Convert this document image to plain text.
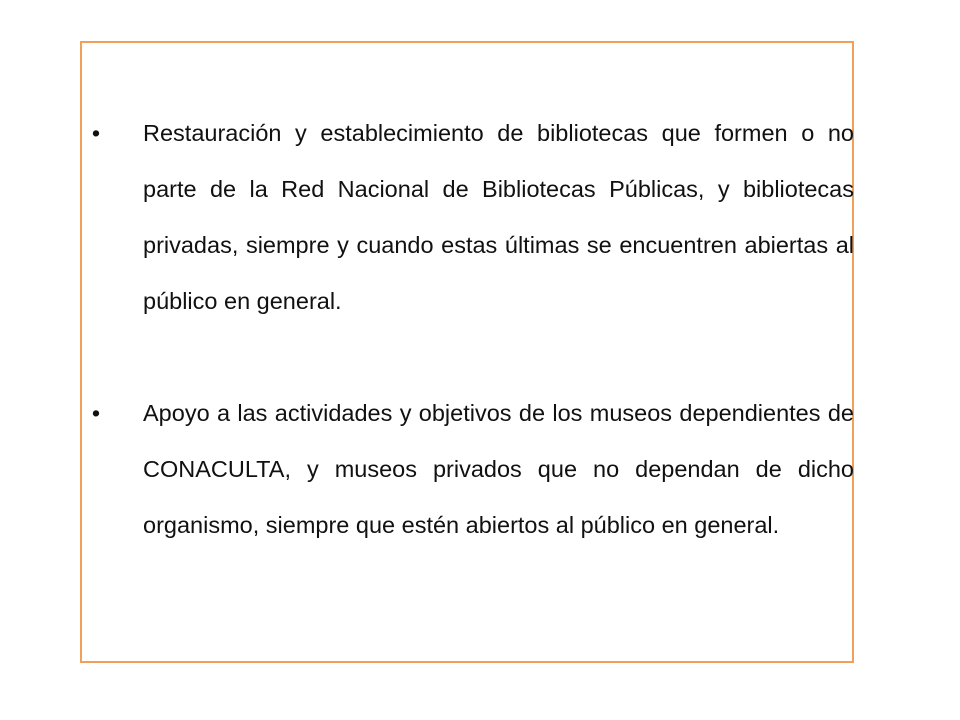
• Restauración y establecimiento de bibliotecas que formen o no parte de la Red Nacional de Bibliotecas Públicas, y bibliotecas privadas, siempre y cuando estas últimas se encuentren abiertas al público en general.
• Apoyo a las actividades y objetivos de los museos dependientes de CONACULTA, y museos privados que no dependan de dicho organismo, siempre que estén abiertos al público en general.
